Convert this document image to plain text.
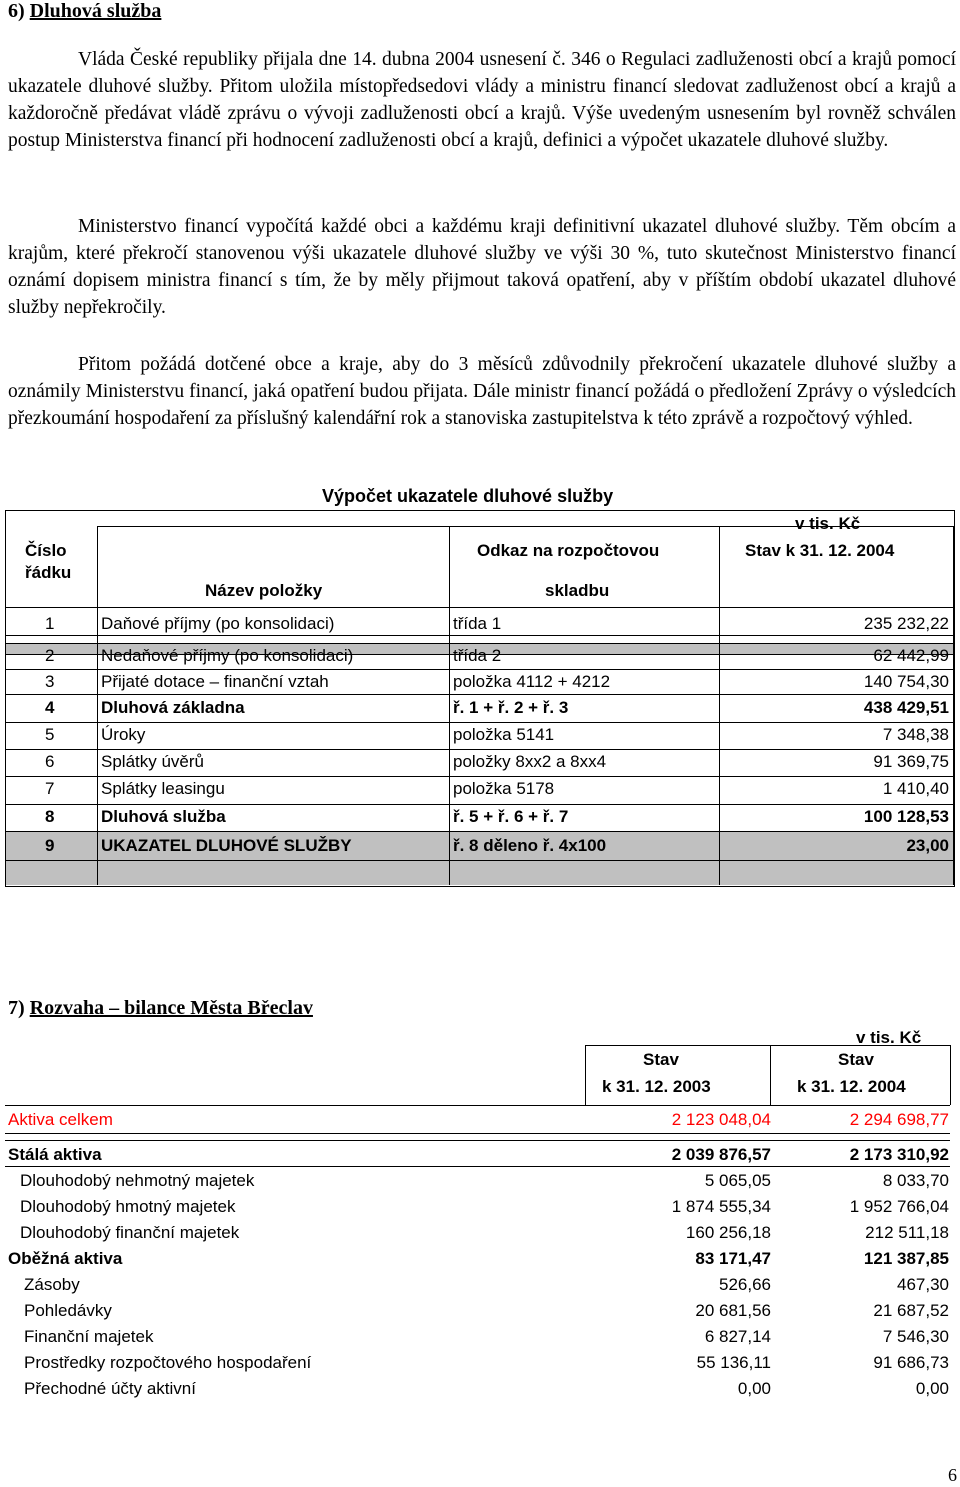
6) Dluhová služba

Vláda České republiky přijala dne 14. dubna 2004 usnesení č. 346 o Regulaci zadluženosti obcí a krajů pomocí ukazatele dluhové služby. Přitom uložila místopředsedovi vlády a ministru financí sledovat zadluženost obcí a krajů a každoročně předávat vládě zprávu o vývoji zadluženosti obcí a krajů. Výše uvedeným usnesením byl rovněž schválen postup Ministerstva financí při hodnocení zadluženosti obcí a krajů, definici a výpočet ukazatele dluhové služby.

Ministerstvo financí vypočítá každé obci a každému kraji definitivní ukazatel dluhové služby. Těm obcím a krajům, které překročí stanovenou výši ukazatele dluhové služby ve výši 30 %, tuto skutečnost Ministerstvo financí oznámí dopisem ministra financí s tím, že by měly přijmout taková opatření, aby v příštím období ukazatel dluhové služby nepřekročily.

Přitom požádá dotčené obce a kraje, aby do 3 měsíců zdůvodnily překročení ukazatele dluhové služby a oznámily Ministerstvu financí, jaká opatření budou přijata. Dále ministr financí požádá o předložení Zprávy o výsledcích přezkoumání hospodaření za příslušný kalendářní rok a stanoviska zastupitelstva k této zprávě a rozpočtový výhled.

Výpočet ukazatele dluhové služby
v tis. Kč
Číslo
řádku
Název položky
Odkaz na rozpočtovou
skladbu
Stav k 31. 12. 2004
1	Daňové příjmy (po konsolidaci)	třída 1	235 232,22
2	Nedaňové příjmy (po konsolidaci)	třída 2	62 442,99
3	Přijaté dotace – finanční vztah	položka 4112 + 4212	140 754,30
4	Dluhová základna	ř. 1 + ř. 2 + ř. 3	438 429,51
5	Úroky	položka 5141	7 348,38
6	Splátky úvěrů	položky 8xx2 a 8xx4	91 369,75
7	Splátky leasingu	položka 5178	1 410,40
8	Dluhová služba	ř. 5 + ř. 6 + ř. 7	100 128,53
9	UKAZATEL DLUHOVÉ SLUŽBY	ř. 8 děleno ř. 4x100	23,00
7) Rozvaha – bilance Města Břeclav
v tis. Kč
Stav
k 31. 12. 2003
Stav
k 31. 12. 2004
Aktiva celkem	2 123 048,04	2 294 698,77
Stálá aktiva	2 039 876,57	2 173 310,92
Dlouhodobý nehmotný majetek	5 065,05	8 033,70
Dlouhodobý hmotný majetek	1 874 555,34	1 952 766,04
Dlouhodobý finanční majetek	160 256,18	212 511,18
Oběžná aktiva	83 171,47	121 387,85
Zásoby	526,66	467,30
Pohledávky	20 681,56	21 687,52
Finanční majetek	6 827,14	7 546,30
Prostředky rozpočtového hospodaření	55 136,11	91 686,73
Přechodné účty aktivní	0,00	0,00
6
